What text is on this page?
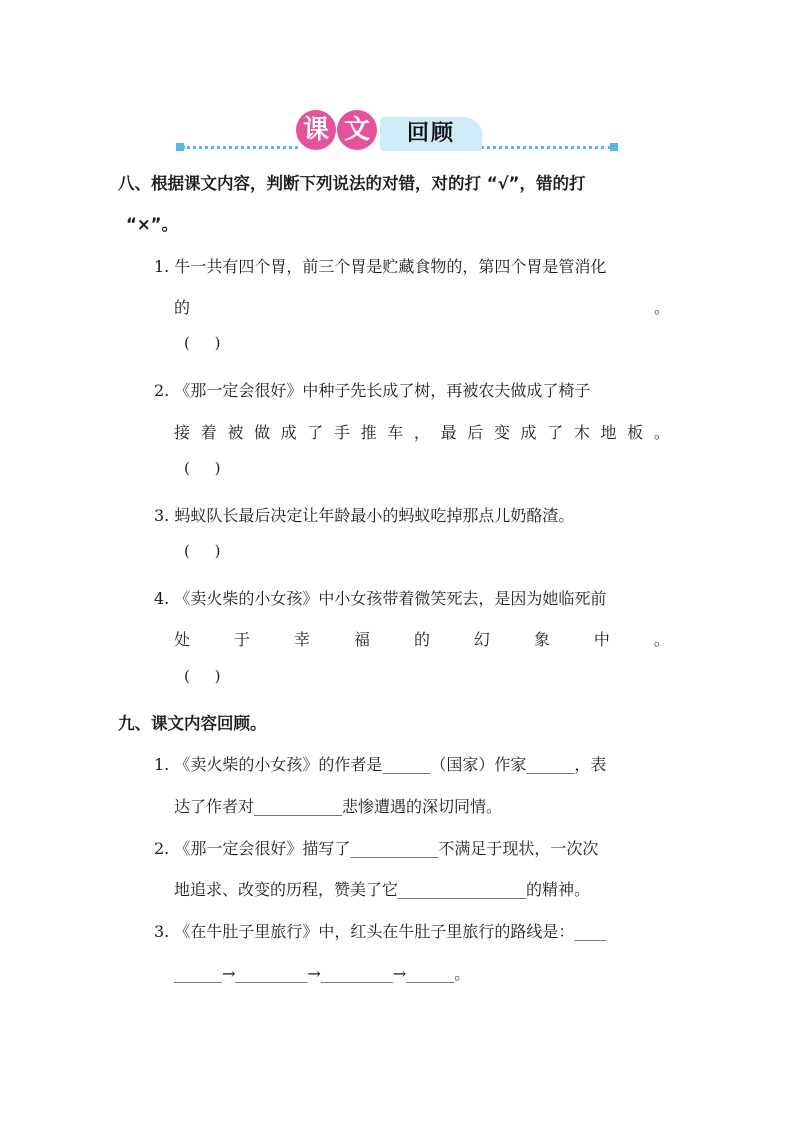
课 文	回顾
八、根据课文内容，判断下列说法的对错，对的打 “√”，错的打
“×”。
1. 牛一共有四个胃，前三个胃是贮藏食物的，第四个胃是管消化
的	。
( )
2. 《那一定会很好》中种子先长成了树，再被农夫做成了椅子
接 着 被 做 成 了 手 推 车 ， 最 后 变 成 了 木 地 板 。
( )
3. 蚂蚁队长最后决定让年龄最小的蚂蚁吃掉那点儿奶酪渣。
( )
4. 《卖火柴的小女孩》中小女孩带着微笑死去，是因为她临死前
处	于	幸	福	的	幻	象	中	。
( )
九、课文内容回顾。
1. 《卖火柴的小女孩》的作者是______（国家）作家______，表
达了作者对___________悲惨遭遇的深切同情。
2. 《那一定会很好》描写了___________不满足于现状，一次次
地追求、改变的历程，赞美了它________________的精神。
3. 《在牛肚子里旅行》中，红头在牛肚子里旅行的路线是：____
______→_________→_________→______。
